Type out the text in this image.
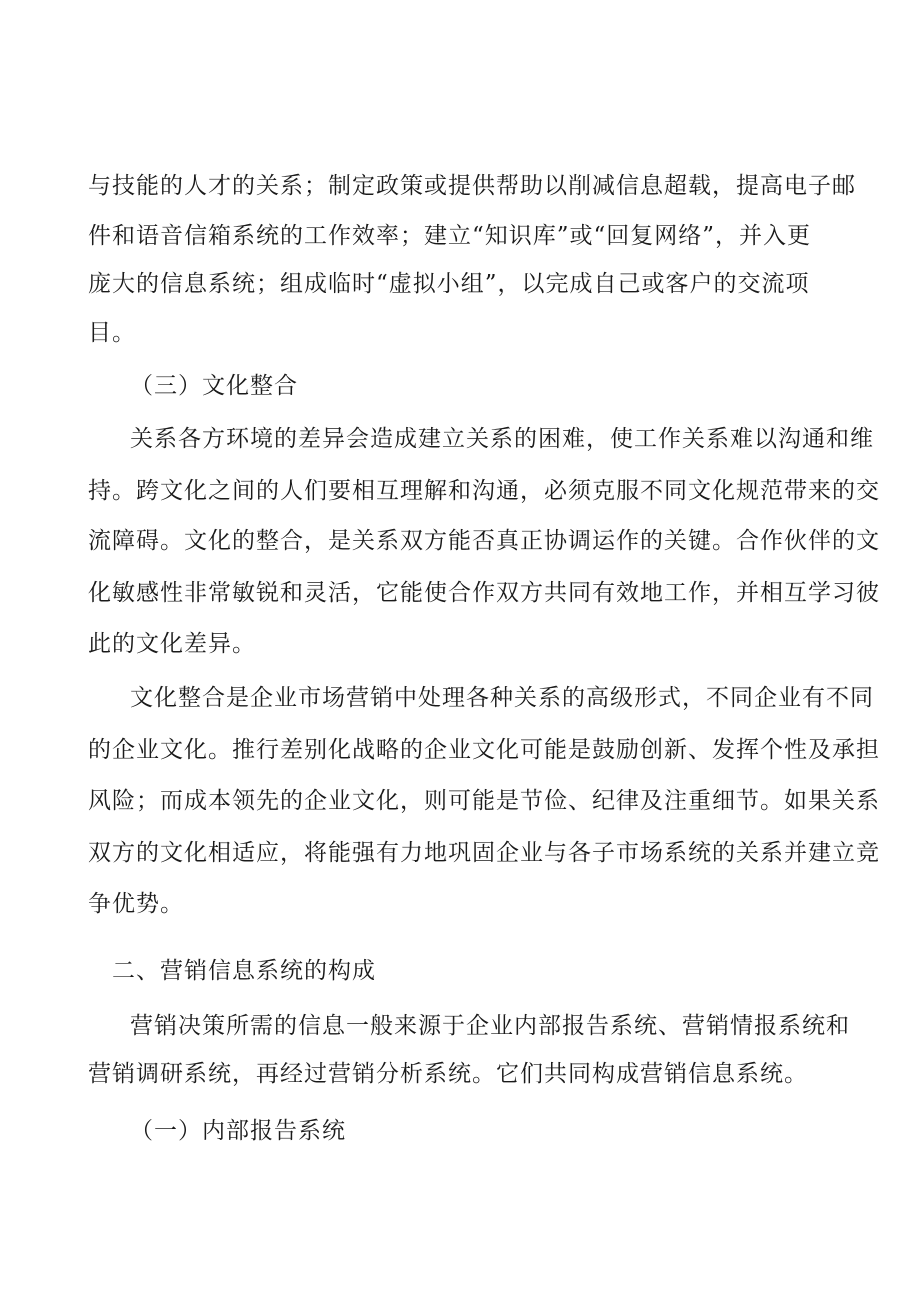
与技能的人才的关系；制定政策或提供帮助以削减信息超载，提高电子邮
件和语音信箱系统的工作效率；建立“知识库”或“回复网络”，并入更
庞大的信息系统；组成临时“虚拟小组”，以完成自己或客户的交流项
目。
（三）文化整合
关系各方环境的差异会造成建立关系的困难，使工作关系难以沟通和维
持。跨文化之间的人们要相互理解和沟通，必须克服不同文化规范带来的交
流障碍。文化的整合，是关系双方能否真正协调运作的关键。合作伙伴的文
化敏感性非常敏锐和灵活，它能使合作双方共同有效地工作，并相互学习彼
此的文化差异。
文化整合是企业市场营销中处理各种关系的高级形式，不同企业有不同
的企业文化。推行差别化战略的企业文化可能是鼓励创新、发挥个性及承担
风险；而成本领先的企业文化，则可能是节俭、纪律及注重细节。如果关系
双方的文化相适应，将能强有力地巩固企业与各子市场系统的关系并建立竞
争优势。
二、营销信息系统的构成
营销决策所需的信息一般来源于企业内部报告系统、营销情报系统和
营销调研系统，再经过营销分析系统。它们共同构成营销信息系统。
（一）内部报告系统
